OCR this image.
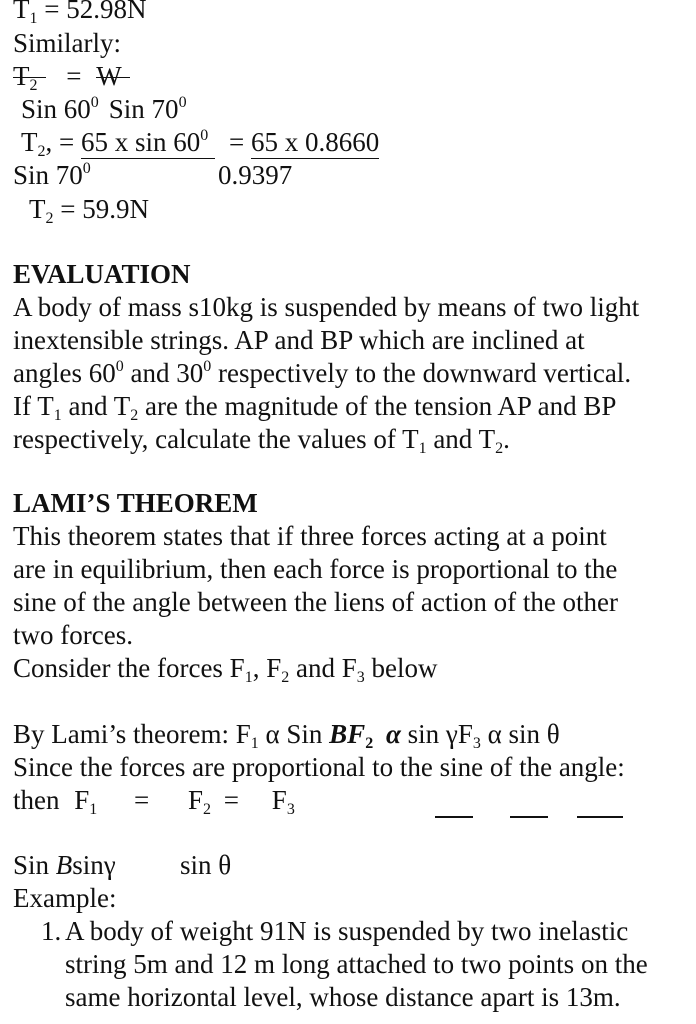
$T_1 = 52.98N$
Similarly:
$T_2 = W$
Sin $60^0$ Sin $70^0$
$T_2$, = 65 x $\sin 60^0 = 65$ x 0.8660
Sin $70^0$	0.9397
$T_2 = 59.9N$
EVALUATION
A body of mass s10kg is suspended by means of two light
inextensible strings. AP and BP which are inclined at
angles $60^0$ and $30^0$ respectively to the downward vertical.
If $T_1$ and $T_2$ are the magnitude of the tension AP and BP
respectively, calculate the values of $T_1$ and $T_2$.
LAMI’S THEOREM
This theorem states that if three forces acting at a point
are in equilibrium, then each force is proportional to the
sine of the angle between the liens of action of the other
two forces.
Consider the forces $F_1$, $F_2$ and $F_3$ below
By Lami’s theorem: $F_1$ α Sin $BF_2$ α $\sin \gamma F_3$ α sin θ
Since the forces are proportional to the sine of the angle:
then $F_1 = F_2 = F_3$
Sin Bsinγ sin θ
Example:
1. A body of weight 91N is suspended by two inelastic
string 5m and 12 m long attached to two points on the
same horizontal level, whose distance apart is 13m.
